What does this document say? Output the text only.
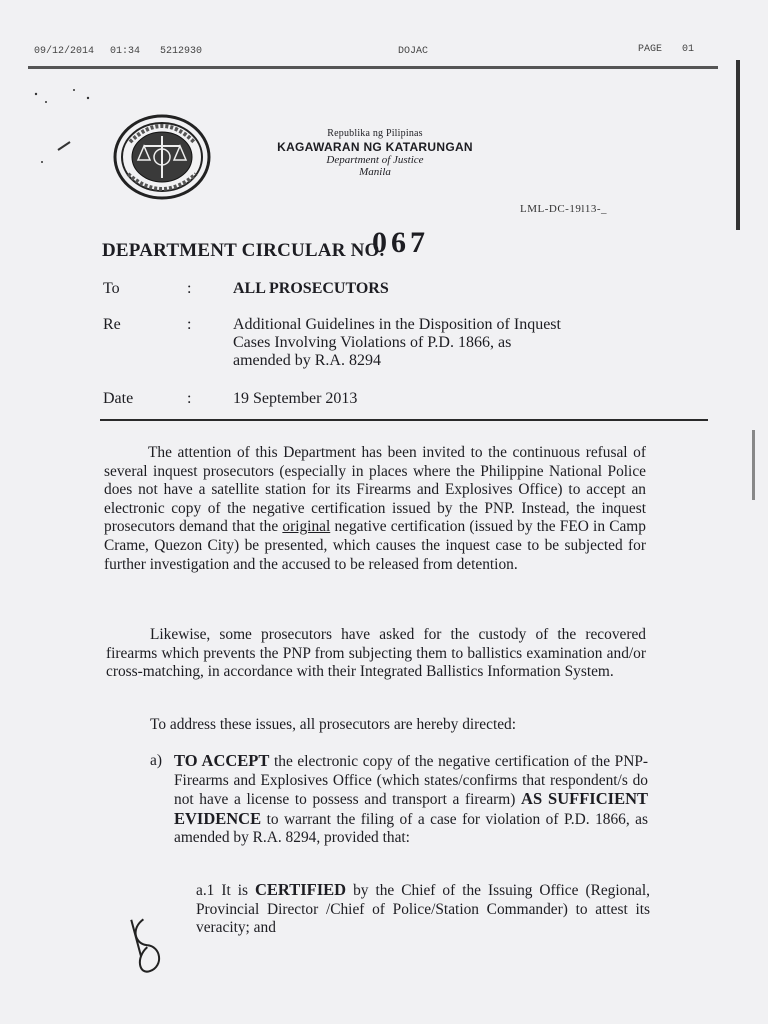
09/12/2014 01:34 5212930	DOJAC	PAGE 01
Republika ng Pilipinas
KAGAWARAN NG KATARUNGAN
Department of Justice
Manila
LML-DC-19l13-_
DEPARTMENT CIRCULAR NO.
067
To	:	ALL PROSECUTORS
Re	:	Additional Guidelines in the Disposition of Inquest Cases Involving Violations of P.D. 1866, as amended by R.A. 8294
Date	:	19 September 2013

The attention of this Department has been invited to the continuous refusal of several inquest prosecutors (especially in places where the Philippine National Police does not have a satellite station for its Firearms and Explosives Office) to accept an electronic copy of the negative certification issued by the PNP. Instead, the inquest prosecutors demand that the original negative certification (issued by the FEO in Camp Crame, Quezon City) be presented, which causes the inquest case to be subjected for further investigation and the accused to be released from detention.

Likewise, some prosecutors have asked for the custody of the recovered firearms which prevents the PNP from subjecting them to ballistics examination and/or cross-matching, in accordance with their Integrated Ballistics Information System.

To address these issues, all prosecutors are hereby directed:

a) TO ACCEPT the electronic copy of the negative certification of the PNP-Firearms and Explosives Office (which states/confirms that respondent/s do not have a license to possess and transport a firearm) AS SUFFICIENT EVIDENCE to warrant the filing of a case for violation of P.D. 1866, as amended by R.A. 8294, provided that:

a.1 It is CERTIFIED by the Chief of the Issuing Office (Regional, Provincial Director /Chief of Police/Station Commander) to attest its veracity; and
